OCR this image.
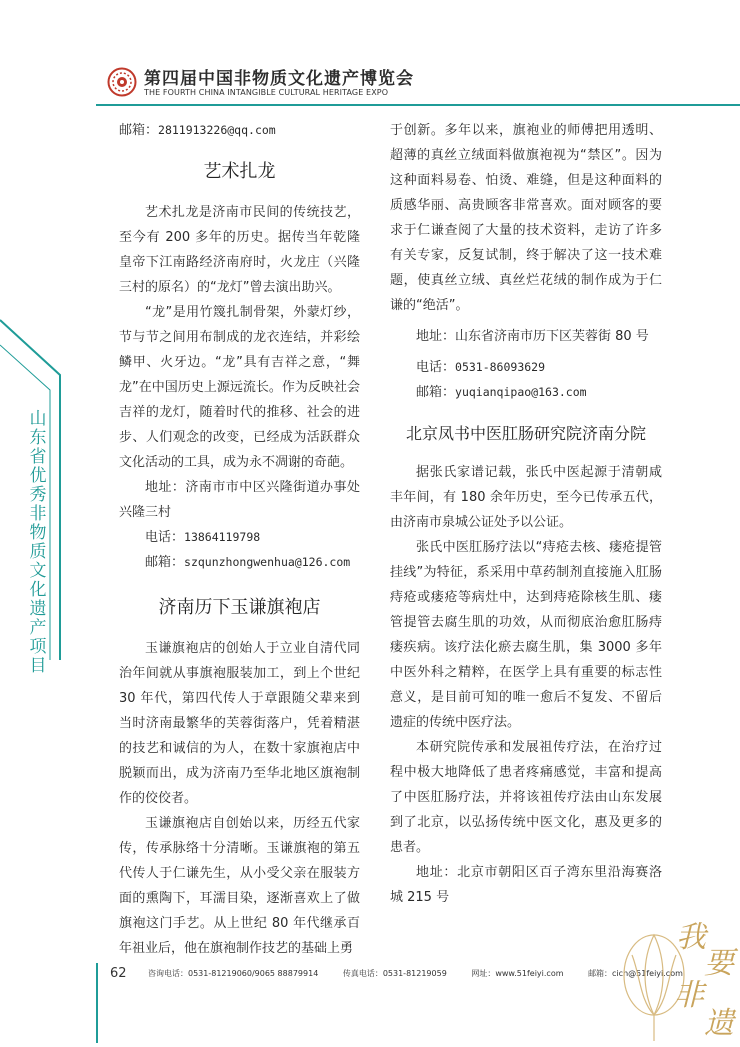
第四届中国非物质文化遗产博览会
THE FOURTH CHINA INTANGIBLE CULTURAL HERITAGE EXPO
山东省优秀非物质文化遗产项目

邮箱：2811913226@qq.com

艺术扎龙

艺术扎龙是济南市民间的传统技艺，至今有 200 多年的历史。据传当年乾隆皇帝下江南路经济南府时，火龙庄（兴隆三村的原名）的“龙灯”曾去演出助兴。

“龙”是用竹篾扎制骨架，外蒙灯纱，节与节之间用布制成的龙衣连结，并彩绘鳞甲、火牙边。“龙”具有吉祥之意，“舞龙”在中国历史上源远流长。作为反映社会吉祥的龙灯，随着时代的推移、社会的进步、人们观念的改变，已经成为活跃群众文化活动的工具，成为永不凋谢的奇葩。

地址：济南市市中区兴隆街道办事处兴隆三村

电话：13864119798

邮箱：szqunzhongwenhua@126.com

济南历下玉谦旗袍店

玉谦旗袍店的创始人于立业自清代同治年间就从事旗袍服装加工，到上个世纪 30 年代，第四代传人于章跟随父辈来到当时济南最繁华的芙蓉街落户，凭着精湛的技艺和诚信的为人，在数十家旗袍店中脱颖而出，成为济南乃至华北地区旗袍制作的佼佼者。

玉谦旗袍店自创始以来，历经五代家传，传承脉络十分清晰。玉谦旗袍的第五代传人于仁谦先生，从小受父亲在服装方面的熏陶下，耳濡目染，逐渐喜欢上了做旗袍这门手艺。从上世纪 80 年代继承百年祖业后，他在旗袍制作技艺的基础上勇

于创新。多年以来，旗袍业的师傅把用透明、超薄的真丝立绒面料做旗袍视为“禁区”。因为这种面料易卷、怕烫、难缝，但是这种面料的质感华丽、高贵顾客非常喜欢。面对顾客的要求于仁谦查阅了大量的技术资料，走访了许多有关专家，反复试制，终于解决了这一技术难题，使真丝立绒、真丝烂花绒的制作成为于仁谦的“绝活”。

地址：山东省济南市历下区芙蓉街 80 号

电话：0531-86093629

邮箱：yuqianqipao@163.com

北京凤书中医肛肠研究院济南分院

据张氏家谱记载，张氏中医起源于清朝咸丰年间，有 180 余年历史，至今已传承五代，由济南市泉城公证处予以公证。

张氏中医肛肠疗法以“痔疮去核、瘘疮提管挂线”为特征，系采用中草药制剂直接施入肛肠痔疮或瘘疮等病灶中，达到痔疮除核生肌、瘘管提管去腐生肌的功效，从而彻底治愈肛肠痔瘘疾病。该疗法化瘀去腐生肌，集 3000 多年中医外科之精粹，在医学上具有重要的标志性意义，是目前可知的唯一愈后不复发、不留后遗症的传统中医疗法。

本研究院传承和发展祖传疗法，在治疗过程中极大地降低了患者疼痛感觉，丰富和提高了中医肛肠疗法，并将该祖传疗法由山东发展到了北京，以弘扬传统中医文化，惠及更多的患者。

地址：北京市朝阳区百子湾东里沿海赛洛城 215 号

62	咨询电话：0531-81219060/9065 88879914	传真电话：0531-81219059	网址：www.51feiyi.com	邮箱：cich@51feiyi.com
我
要
非
遗
